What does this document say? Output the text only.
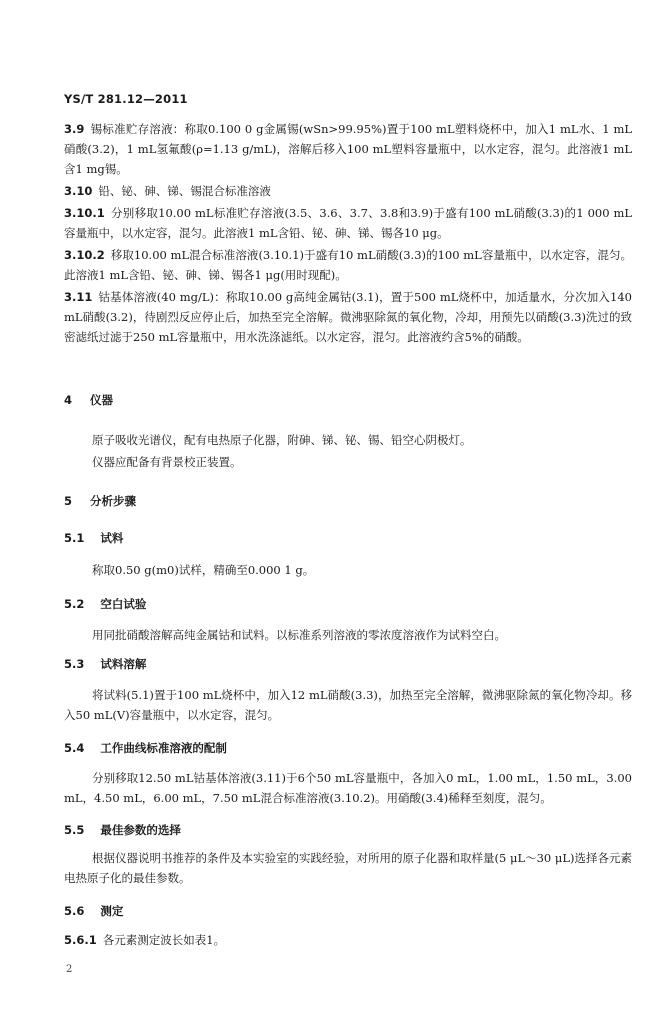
YS/T 281.12—2011
3.9 锡标准贮存溶液：称取0.100 0 g金属锡(wSn>99.95%)置于100 mL塑料烧杯中，加入1 mL水、1 mL硝酸(3.2)，1 mL氢氟酸(ρ=1.13 g/mL)，溶解后移入100 mL塑料容量瓶中，以水定容，混匀。此溶液1 mL含1 mg锡。
3.10 铅、铋、砷、锑、锡混合标准溶液
3.10.1 分别移取10.00 mL标准贮存溶液(3.5、3.6、3.7、3.8和3.9)于盛有100 mL硝酸(3.3)的1 000 mL容量瓶中，以水定容，混匀。此溶液1 mL含铅、铋、砷、锑、锡各10 μg。
3.10.2 移取10.00 mL混合标准溶液(3.10.1)于盛有10 mL硝酸(3.3)的100 mL容量瓶中，以水定容，混匀。此溶液1 mL含铅、铋、砷、锑、锡各1 μg(用时现配)。
3.11 钴基体溶液(40 mg/L)：称取10.00 g高纯金属钴(3.1)，置于500 mL烧杯中，加适量水，分次加入140 mL硝酸(3.2)，待剧烈反应停止后，加热至完全溶解。微沸驱除氮的氧化物，冷却，用预先以硝酸(3.3)洗过的致密滤纸过滤于250 mL容量瓶中，用水洗涤滤纸。以水定容，混匀。此溶液约含5%的硝酸。
4 仪器
原子吸收光谱仪，配有电热原子化器，附砷、锑、铋、锡、铅空心阴极灯。
仪器应配备有背景校正装置。
5 分析步骤
5.1 试料
称取0.50 g(m0)试样，精确至0.000 1 g。
5.2 空白试验
用同批硝酸溶解高纯金属钴和试料。以标准系列溶液的零浓度溶液作为试料空白。
5.3 试料溶解
将试料(5.1)置于100 mL烧杯中，加入12 mL硝酸(3.3)，加热至完全溶解，微沸驱除氮的氧化物冷却。移入50 mL(V)容量瓶中，以水定容，混匀。
5.4 工作曲线标准溶液的配制
分别移取12.50 mL钴基体溶液(3.11)于6个50 mL容量瓶中，各加入0 mL，1.00 mL，1.50 mL，3.00 mL，4.50 mL，6.00 mL，7.50 mL混合标准溶液(3.10.2)。用硝酸(3.4)稀释至刻度，混匀。
5.5 最佳参数的选择
根据仪器说明书推荐的条件及本实验室的实践经验，对所用的原子化器和取样量(5 μL～30 μL)选择各元素电热原子化的最佳参数。
5.6 测定
5.6.1 各元素测定波长如表1。
2
